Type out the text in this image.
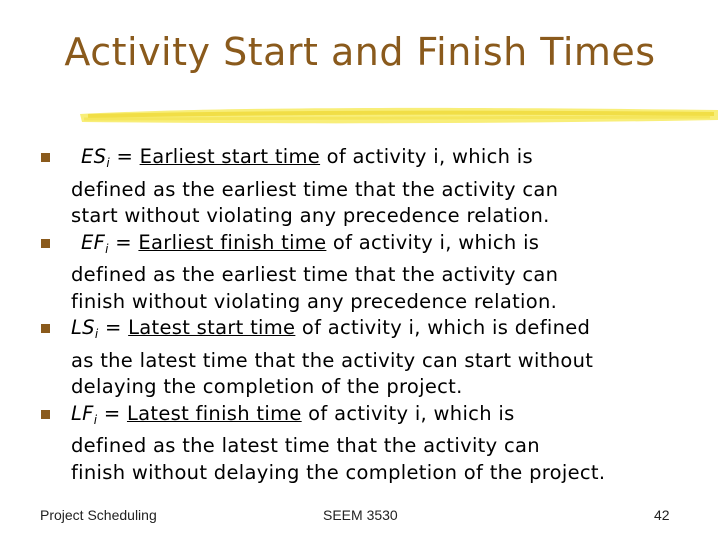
Activity Start and Finish Times
$ES_i$ = Earliest start time of activity i, which is
defined as the earliest time that the activity can
start without violating any precedence relation.
$EF_i$ = Earliest finish time of activity i, which is
defined as the earliest time that the activity can
finish without violating any precedence relation.
$LS_i$ = Latest start time of activity i, which is defined
as the latest time that the activity can start without
delaying the completion of the project.
$LF_i$ = Latest finish time of activity i, which is
defined as the latest time that the activity can
finish without delaying the completion of the project.
Project Scheduling	SEEM 3530	42
